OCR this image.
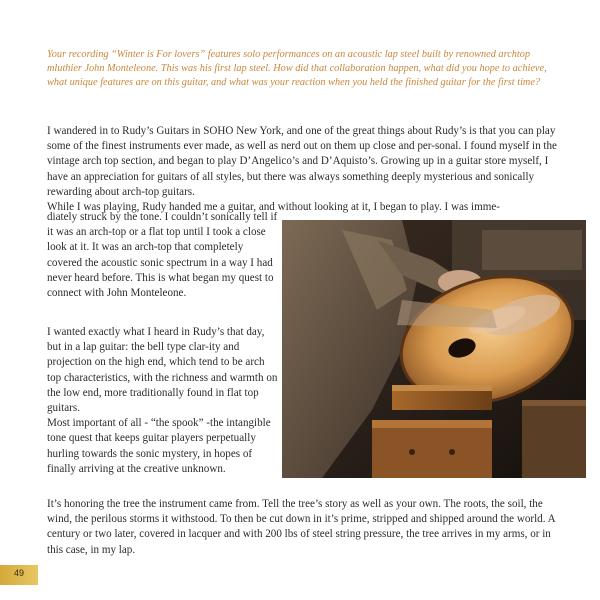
Your recording “Winter is For lovers” features solo performances on an acoustic lap steel built by renowned archtop mluthier John Monteleone. This was his first lap steel. How did that collaboration happen, what did you hope to achieve, what unique features are on this guitar, and what was your reaction when you held the finished guitar for the first time?
I wandered in to Rudy’s Guitars in SOHO New York, and one of the great things about Rudy’s is that you can play some of the finest instruments ever made, as well as nerd out on them up close and per-sonal. I found myself in the vintage arch top section, and began to play D’Angelico’s and D’Aquisto’s. Growing up in a guitar store myself, I have an appreciation for guitars of all styles, but there was always something deeply mysterious and sonically rewarding about arch-top guitars.
While I was playing, Rudy handed me a guitar, and without looking at it, I began to play. I was imme-
diately struck by the tone. I couldn’t sonically tell if it was an arch-top or a flat top until I took a close look at it. It was an arch-top that completely covered the acoustic sonic spectrum in a way I had never heard before. This is what began my quest to connect with John Monteleone.
I wanted exactly what I heard in Rudy’s that day, but in a lap guitar: the bell type clar-ity and projection on the high end, which tend to be arch top characteristics, with the richness and warmth on the low end, more traditionally found in flat top guitars.
Most important of all - “the spook” -the intangible tone quest that keeps guitar players perpetually hurling towards the sonic mystery, in hopes of finally arriving at the creative unknown.
It’s honoring the tree the instrument came from. Tell the tree’s story as well as your own. The roots, the soil, the wind, the perilous storms it withstood. To then be cut down in it’s prime, stripped and shipped around the world. A century or two later, covered in lacquer and with 200 lbs of steel string pressure, the tree arrives in my arms, or in this case, in my lap.
49
